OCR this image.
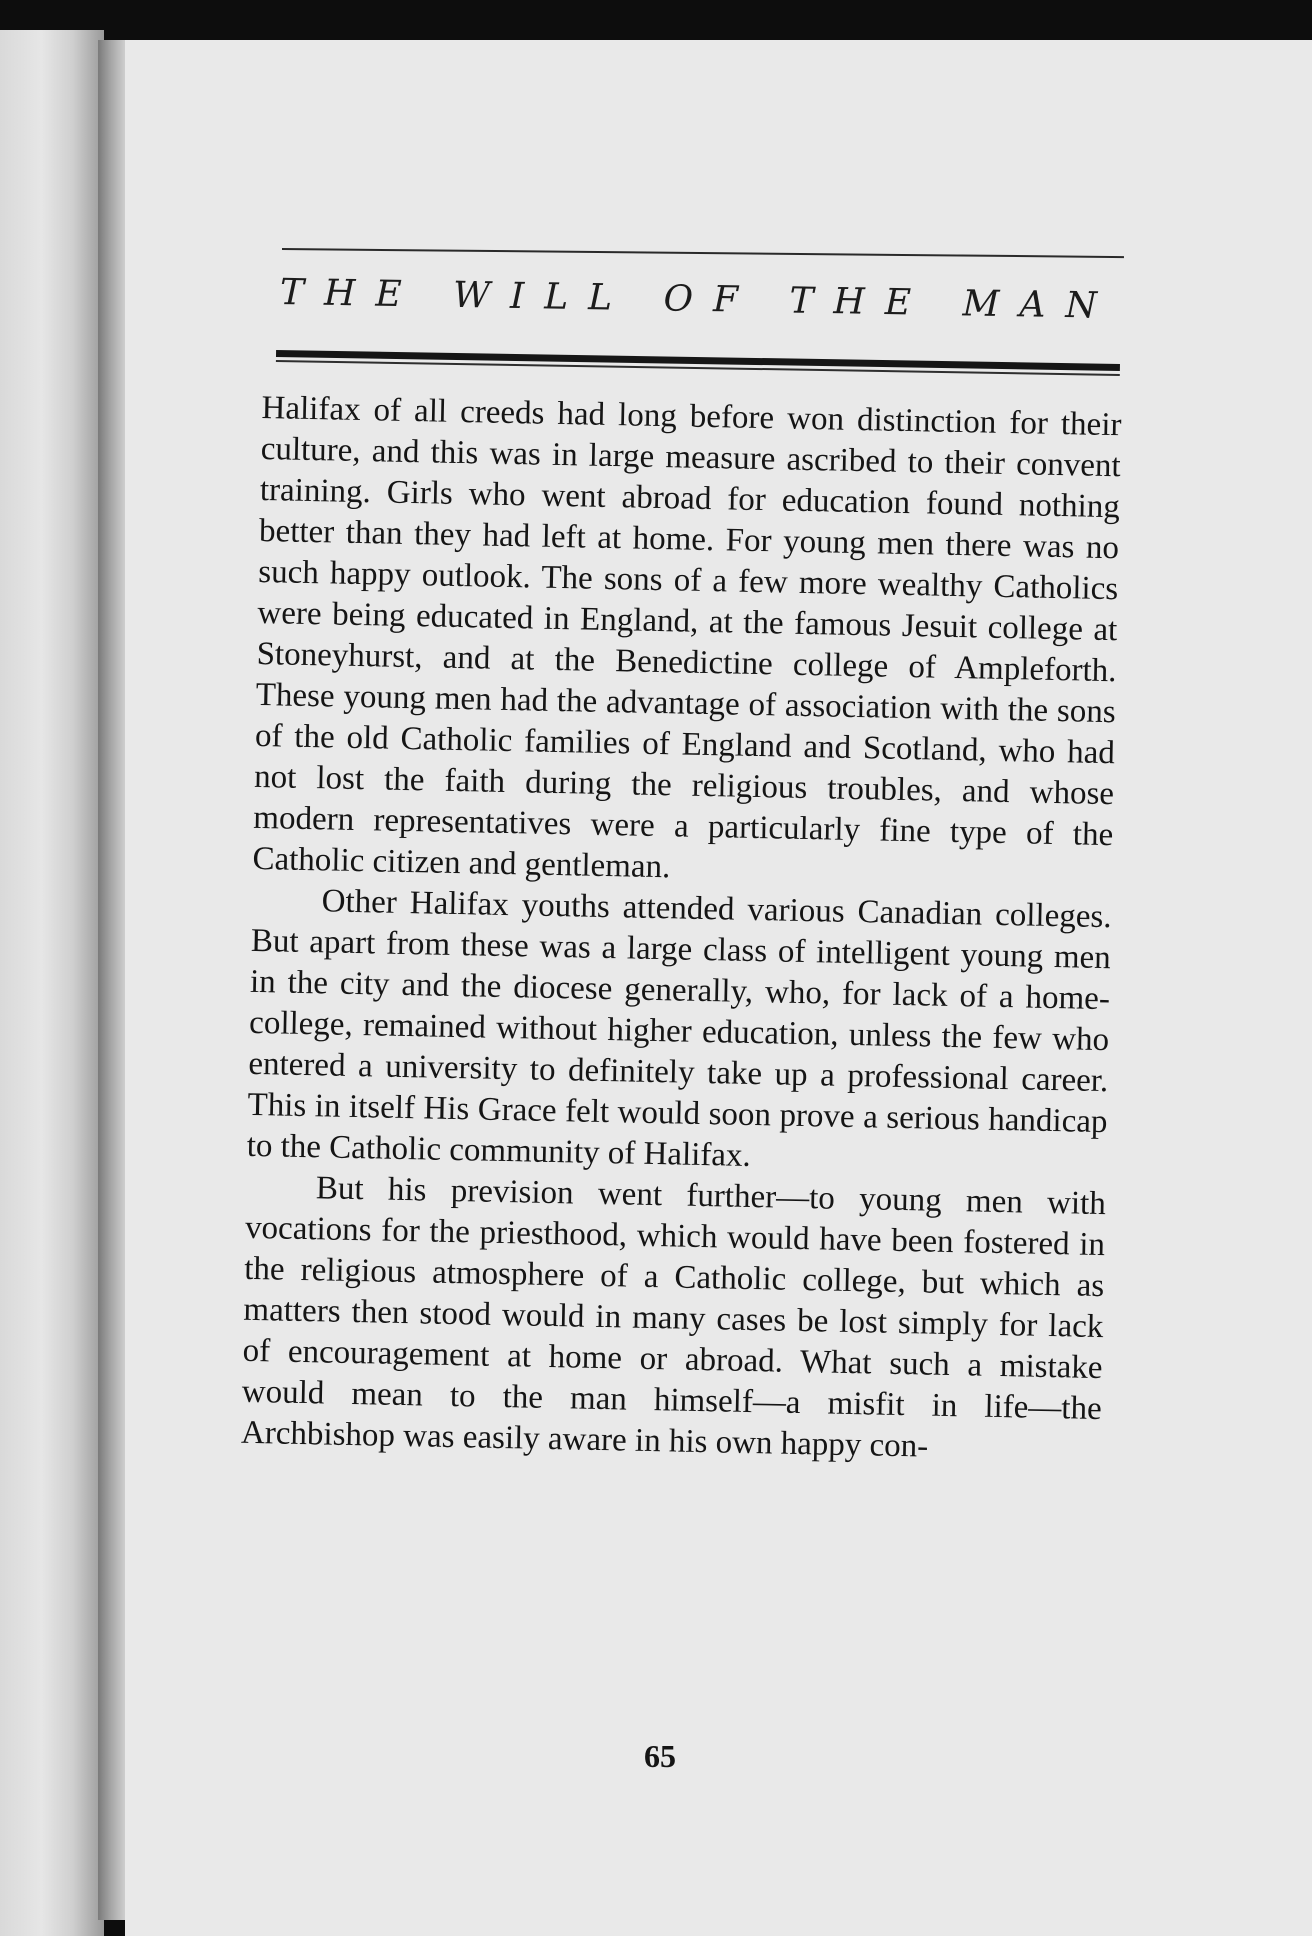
THE WILL OF THE MAN

Halifax of all creeds had long before won distinction for their culture, and this was in large measure ascribed to their convent training. Girls who went abroad for education found nothing better than they had left at home. For young men there was no such happy outlook. The sons of a few more wealthy Catholics were being educated in England, at the famous Jesuit college at Stoneyhurst, and at the Benedictine college of Ampleforth. These young men had the advantage of association with the sons of the old Catholic families of England and Scotland, who had not lost the faith during the religious troubles, and whose modern representatives were a particularly fine type of the Catholic citizen and gentleman.

Other Halifax youths attended various Canadian colleges. But apart from these was a large class of intelligent young men in the city and the diocese generally, who, for lack of a home-college, remained without higher education, unless the few who entered a university to definitely take up a professional career. This in itself His Grace felt would soon prove a serious handicap to the Catholic community of Halifax.

But his prevision went further—to young men with vocations for the priesthood, which would have been fostered in the religious atmosphere of a Catholic college, but which as matters then stood would in many cases be lost simply for lack of encouragement at home or abroad. What such a mistake would mean to the man himself—a misfit in life—the Archbishop was easily aware in his own happy con-

65
